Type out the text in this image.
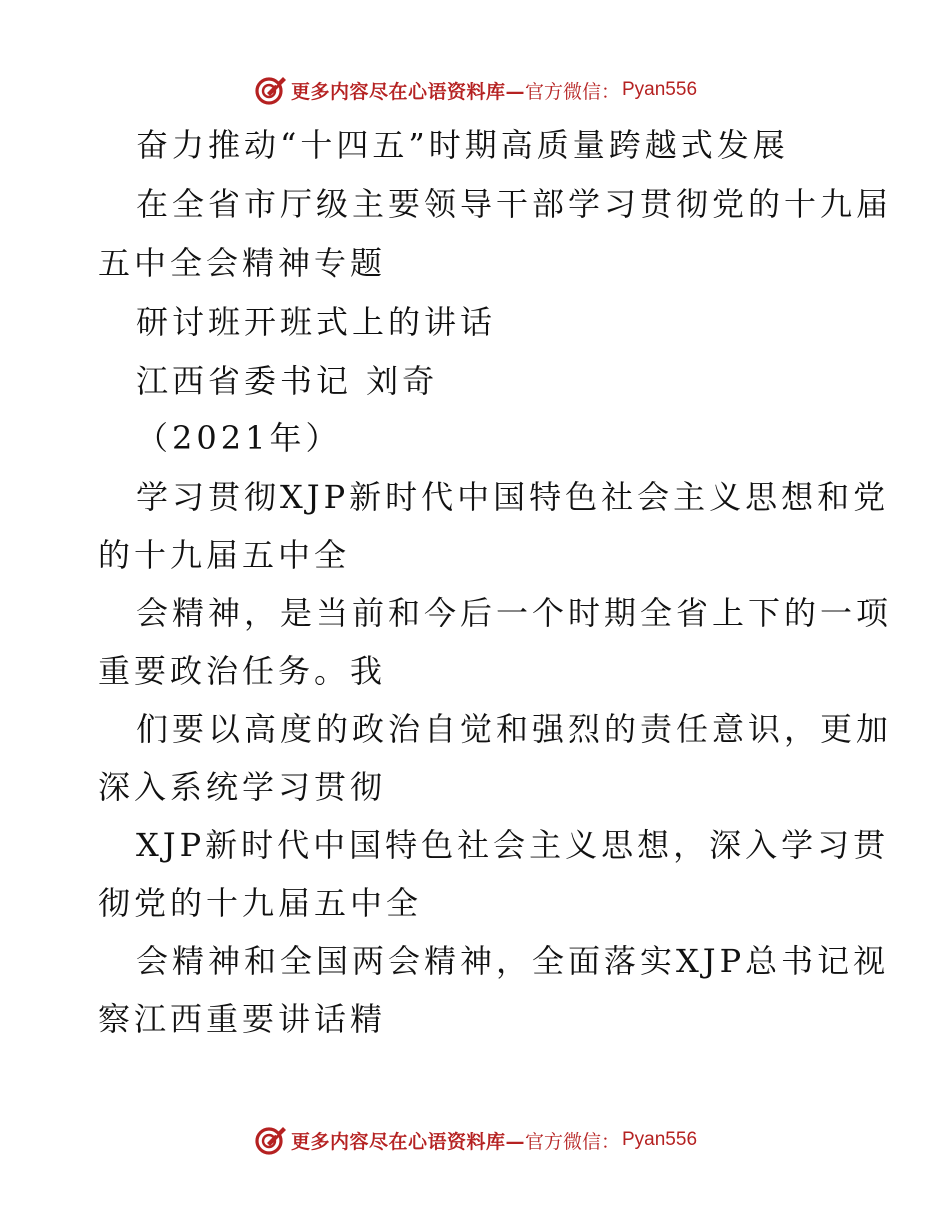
更多内容尽在心语资料库— 官方微信： Pyan556
奋力推动“十四五”时期高质量跨越式发展
在全省市厅级主要领导干部学习贯彻党的十九届
五中全会精神专题
研讨班开班式上的讲话
江西省委书记 刘奇
（2021年）
学习贯彻XJP新时代中国特色社会主义思想和党
的十九届五中全
会精神，是当前和今后一个时期全省上下的一项
重要政治任务。我
们要以高度的政治自觉和强烈的责任意识，更加
深入系统学习贯彻
XJP新时代中国特色社会主义思想，深入学习贯
彻党的十九届五中全
会精神和全国两会精神，全面落实XJP总书记视
察江西重要讲话精
更多内容尽在心语资料库— 官方微信： Pyan556
